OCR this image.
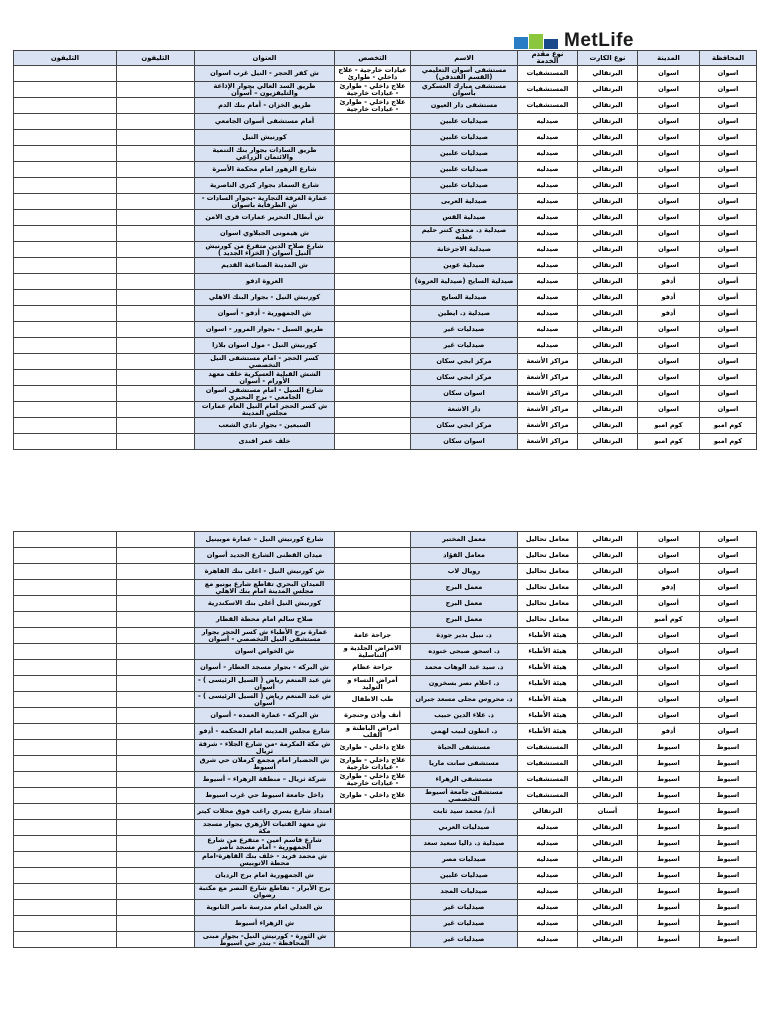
MetLife
المحافظة	المدينة	نوع الكارت	نوع مقدم الخدمة	الاسم	التخصص	العنوان	التليفون	التليفون
اسوان	اسوان	البرتقالي	المستشفيات	مستشفى أسوان التعليمي (القسم الفندقي)	عيادات خارجية - علاج داخلي - طوارئ	ش كفر الحجر - النيل غرب اسوان		
اسوان	اسوان	البرتقالي	المستشفيات	مستشفى مبارك العسكري بأسوان	علاج داخلي - طوارئ - عيادات خارجية	طريق السد العالي بجوار الإذاعة والتليفزيون – أسوان		
اسوان	اسوان	البرتقالي	المستشفيات	مستشفى دار العيون	علاج داخلي - طوارئ - عيادات خارجية	طريق الخزان - أمام بنك الدم		
اسوان	اسوان	البرتقالي	صيدليه	صيدليات علبين		أمام مستشفى أسوان الجامعي		
اسوان	اسوان	البرتقالي	صيدليه	صيدليات علبين		كورنيش النيل		
اسوان	اسوان	البرتقالي	صيدليه	صيدليات علبين		طريق السادات بجوار بنك التنمية والائتمان الزراعي		
اسوان	اسوان	البرتقالي	صيدليه	صيدليات علبين		شارع الزهور امام محكمة الأسرة		
اسوان	اسوان	البرتقالي	صيدليه	صيدليات علبين		شارع السماد بجوار كبري الناصرية		
اسوان	اسوان	البرتقالي	صيدليه	صيدلية العربى		عمارة الغرفة التجارية -بجوار السادات - ش الطرفاية باسوان		
اسوان	اسوان	البرتقالي	صيدليه	صيدلية القس		ش أبطال التحرير عمارات قرى الامن		
اسوان	اسوان	البرتقالي	صيدليه	صيدلية د. مجدي كتنر حليم عطيه		ش هيمونى الجبلاوي اسوان		
اسوان	اسوان	البرتقالي	صيدليه	صيدلية الاجزخانة		شارع صلاح الدين متفرع من كورنيش النيل أسوان ( الخزاء الجديد )		
اسوان	اسوان	البرتقالي	صيدليه	صيدلية عوين		ش المدينة الصناعية القديم		
أسوان	أدفو	البرتقالي	صيدليه	صيدلية السايح (صيدلية العروة)		العروة ادفو		
أسوان	أدفو	البرتقالي	صيدليه	صيدلية السايح		كورنيش النيل - بجوار البنك الاهلي		
أسوان	أدفو	البرتقالي	صيدليه	صيدلية د. ايطين		ش الجمهورية - أدفو - أسوان		
اسوان	اسوان	البرتقالي	صيدليه	صيدليات غير		طريق السيل - بجوار المرور - اسوان		
اسوان	اسوان	البرتقالي	صيدليه	صيدليات غير		كورنيش النيل - مول اسوان بلازا		
اسوان	اسوان	البرتقالي	مراكز الأشعة	مركز ابجي سكان		كسر الحجر - امام مستشفى النيل التخصصي		
اسوان	اسوان	البرتقالي	مراكز الأشعة	مركز ابجي سكان		الشش القبلية العسكرية خلف معهد الأورام - أسوان		
اسوان	اسوان	البرتقالي	مراكز الأشعة	اسوان سكان		شارع السيل - امام مستشفى اسوان الجامعي - برج البحيري		
اسوان	اسوان	البرتقالي	مراكز الأشعة	دار الاشعة		ش كسر الحجر امام النيل العام عمارات مجلس المدينة		
كوم امبو	كوم امبو	البرتقالي	مراكز الأشعة	مركز ابجي سكان		السبعين - بجوار نادي الشعب		
كوم امبو	كوم امبو	البرتقالي	مراكز الأشعة	اسوان سكان		خلف عمر افندى		
اسوان	اسوان	البرتقالي	معامل تحاليل	معمل المختبر		شارع كورنيش النيل – عمارة موبينيل		
اسوان	اسوان	البرتقالي	معامل تحاليل	معامل الفؤاد		ميدان القطنى الشارع الجديد أسوان		
اسوان	اسوان	البرتقالي	معامل تحاليل	رويال لاب		ش كورنيش النيل - اعلى بنك القاهرة		
اسوان	إدفو	البرتقالي	معامل تحاليل	معمل البرج		الميدان البحري تقاطع شارع يونيو مع مجلس المدينة امام بنك الاهلي		
اسوان	أسوان	البرتقالي	معامل تحاليل	معمل البرج		كورنيش النيل أعلى بنك الاسكندرية		
اسوان	كوم أمبو	البرتقالي	معامل تحاليل	معمل البرج		صلاح سالم امام محطة القطار		
اسوان	اسوان	البرتقالي	هيئة الأطباء	د. نبيل بدير جودة	جراحة عامة	عمارة برج الأطباء ش كسر الحجر بجوار مستشفى النيل التخصصي - أسوان		
اسوان	اسوان	البرتقالي	هيئة الأطباء	د. اسحق صبحى خنوده	الامراض الجلدية و التناسلية	ش الخواص اسوان		
اسوان	اسوان	البرتقالي	هيئة الأطباء	د. سيد عبد الوهاب محمد	جراحة عظام	ش البركه - بجوار مسجد العطار - أسوان		
اسوان	اسوان	البرتقالي	هيئة الأطباء	د. احلام نصر بسخرون	أمراض النساء و التوليد	ش عبد المنعم رياض ( السيل الرئيسى ) - أسوان		
اسوان	اسوان	البرتقالي	هيئة الأطباء	د. محروس مجلى مسعد جبران	طب الاطفال	ش عبد المنعم رياض ( السيل الرئيسى ) - أسوان		
اسوان	اسوان	البرتقالي	هيئة الأطباء	د. علاء الدين حبيب	أنف وأذن وحنجرة	ش البركه - عمارة العمده - أسوان		
اسوان	أدفو	البرتقالي	هيئة الأطباء	د. انطون لبيب لهمي	أمراض الباطنة و القلب	شارع مجلس المدينه امام المحكمه - أدفو		
اسيوط	اسيوط	البرتقالي	المستشفيات	مستشفى الحياة	علاج داخلي - طوارئ	ش مكة المكرمة -من شارع الجلاء - شرقة ثريال		
اسيوط	اسيوط	البرتقالي	المستشفيات	مستشفى سانت ماريا	علاج داخلي - طوارئ - عيادات خارجية	ش الحضبار امام مجمع كرملان حي شرق أسيوط		
اسيوط	اسيوط	البرتقالي	المستشفيات	مستشفى الزهراء	علاج داخلي - طوارئ - عيادات خارجية	شركة ثريال – منطقة الزهراء – أسيوط		
اسيوط	اسيوط	البرتقالي	المستشفيات	مستشفى جامعة أسيوط التخصصي	علاج داخلي - طوارئ	داخل جامعة اسيوط حي غرب اسيوط		
اسيوط	اسيوط	أسنان	البرتقالي	أ.د/ محمد سيد ثابت		امتداد شارع يسري راغب فوق محلات كيتر		
اسيوط	اسيوط	البرتقالي	صيدليه	صيدليات العربي		ش معهد الفتيات الأزهري بجوار مسجد مكة		
اسيوط	اسيوط	البرتقالي	صيدليه	صيدلية د. داليا سعيد سعد		شارع قاسم امين - متفرع من شارع الجمهورية - امام مسجد ناصر		
اسيوط	اسيوط	البرتقالي	صيدليه	صيدليات مصر		ش محمد فريد - خلف بنك القاهرة-امام محطة الاتوبيس		
اسيوط	اسيوط	البرتقالي	صيدليه	صيدليات علبين		ش الجمهورية امام برج الرديان		
اسيوط	اسيوط	البرتقالي	صيدليه	صيدليات المجد		برج الأبرار - تقاطع شارع النصر مع مكتبة رضوان		
اسيوط	أسيوط	البرتقالي	صيدليه	صيدليات غير		ش العدلي امام مدرسة ناصر الثانوية		
اسيوط	أسيوط	البرتقالي	صيدليه	صيدليات غير		ش الزهراء أسيوط		
اسيوط	أسيوط	البرتقالي	صيدليه	صيدليات غير		ش الثورة - كورنيش النيل- بجوار مبنى المحافظة - بندر حي اسيوط		
